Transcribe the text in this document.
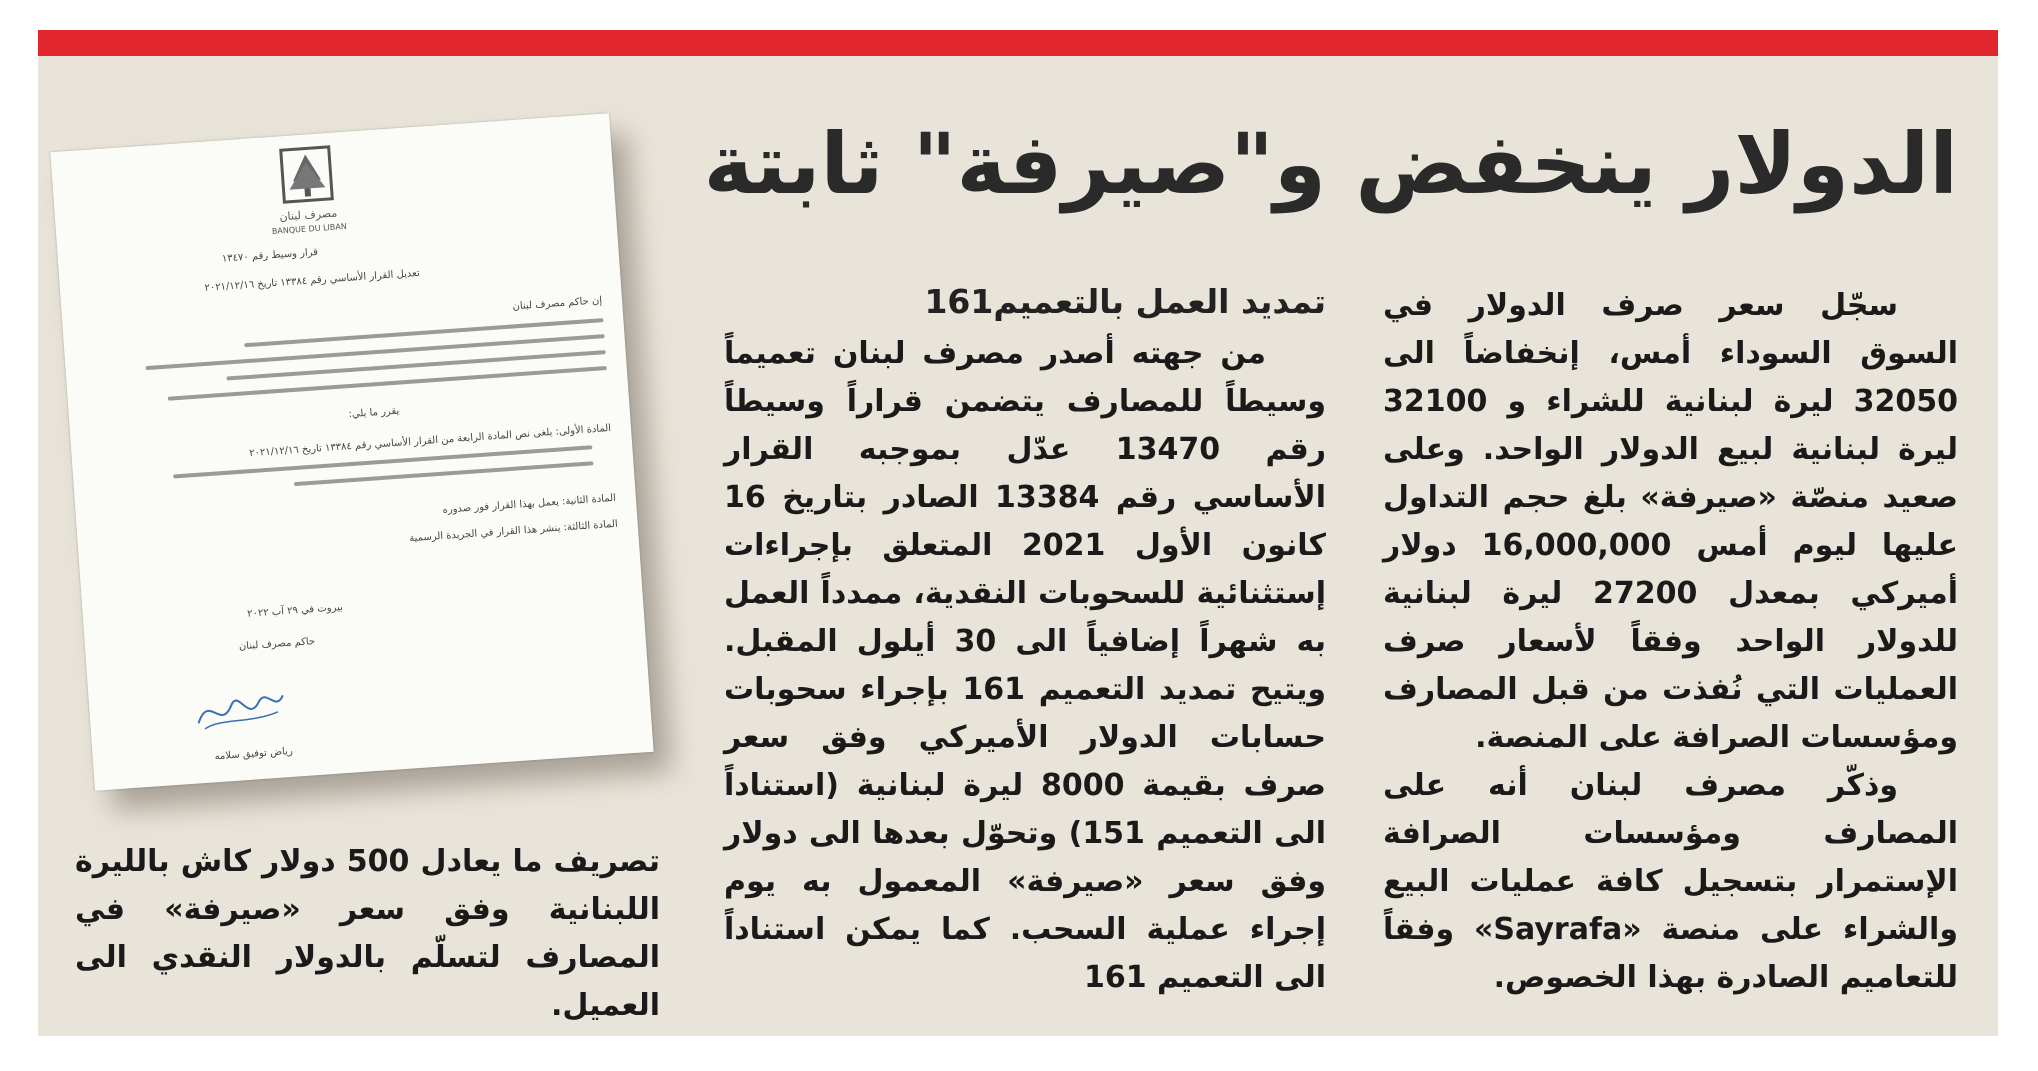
الدولار ينخفض و"صيرفة" ثابتة

سجّل سعر صرف الدولار في السوق السوداء أمس، إنخفاضاً الى 32050 ليرة لبنانية للشراء و 32100 ليرة لبنانية لبيع الدولار الواحد. وعلى صعيد منصّة «صيرفة» بلغ حجم التداول عليها ليوم أمس 16,000,000 دولار أميركي بمعدل 27200 ليرة لبنانية للدولار الواحد وفقاً لأسعار صرف العمليات التي نُفذت من قبل المصارف ومؤسسات الصرافة على المنصة.

وذكّر مصرف لبنان أنه على المصارف ومؤسسات الصرافة الإستمرار بتسجيل كافة عمليات البيع والشراء على منصة «Sayrafa» وفقاً للتعاميم الصادرة بهذا الخصوص.

تمديد العمل بالتعميم161

من جهته أصدر مصرف لبنان تعميماً وسيطاً للمصارف يتضمن قراراً وسيطاً رقم 13470 عدّل بموجبه القرار الأساسي رقم 13384 الصادر بتاريخ 16 كانون الأول 2021 المتعلق بإجراءات إستثنائية للسحوبات النقدية، ممدداً العمل به شهراً إضافياً الى 30 أيلول المقبل. ويتيح تمديد التعميم 161 بإجراء سحوبات حسابات الدولار الأميركي وفق سعر صرف بقيمة 8000 ليرة لبنانية (استناداً الى التعميم 151) وتحوّل بعدها الى دولار وفق سعر «صيرفة» المعمول به يوم إجراء عملية السحب. كما يمكن استناداً الى التعميم 161

مصرف لبنان
BANQUE DU LIBAN
قرار وسيط رقم ١٣٤٧٠
تعديل القرار الأساسي رقم ١٣٣٨٤ تاريخ ٢٠٢١/١٢/١٦
إن حاكم مصرف لبنان
يقرر ما يلي:
المادة الأولى: يلغى نص المادة الرابعة من القرار الأساسي رقم ١٣٣٨٤ تاريخ ٢٠٢١/١٢/١٦
المادة الثانية: يعمل بهذا القرار فور صدوره
المادة الثالثة: ينشر هذا القرار في الجريدة الرسمية
بيروت في ٢٩ آب ٢٠٢٢
حاكم مصرف لبنان
رياض توفيق سلامه
تصريف ما يعادل 500 دولار كاش بالليرة اللبنانية وفق سعر «صيرفة» في المصارف لتسلّم بالدولار النقدي الى العميل.
